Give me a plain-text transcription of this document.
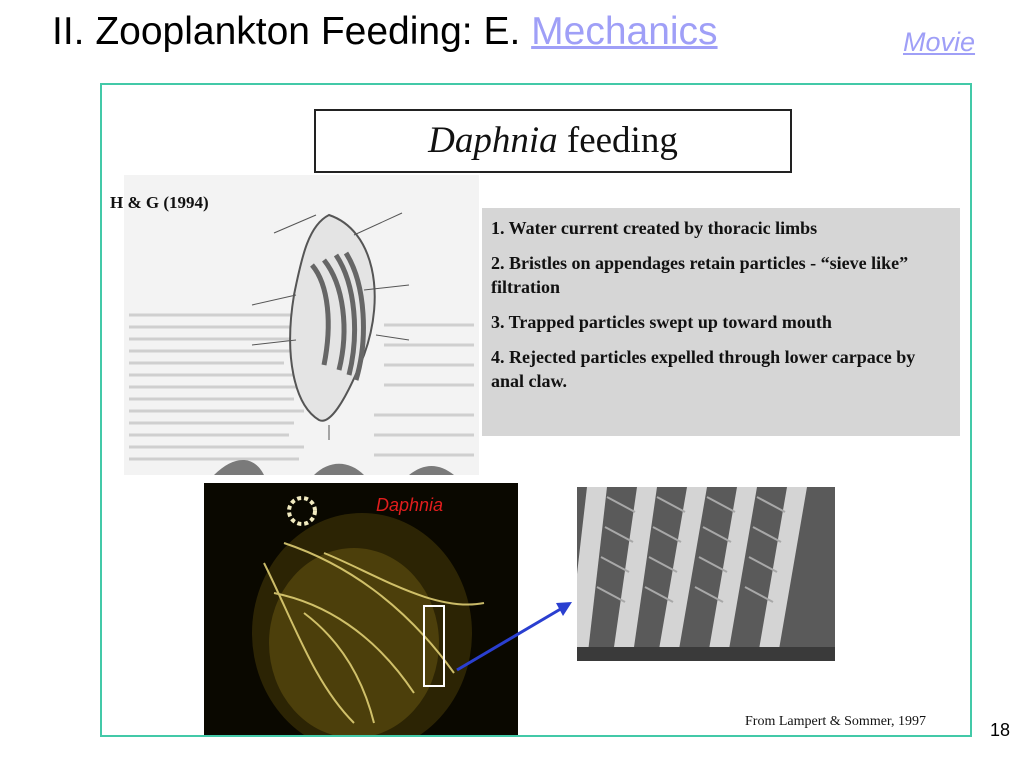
II. Zooplankton Feeding: E. Mechanics	Movie
Daphnia feeding
H & G (1994)
1. Water current created by thoracic limbs
2. Bristles on appendages retain particles - “sieve like” filtration
3. Trapped particles swept up toward mouth
4. Rejected particles expelled through lower carpace by anal claw.
Daphnia
From Lampert & Sommer, 1997	18
